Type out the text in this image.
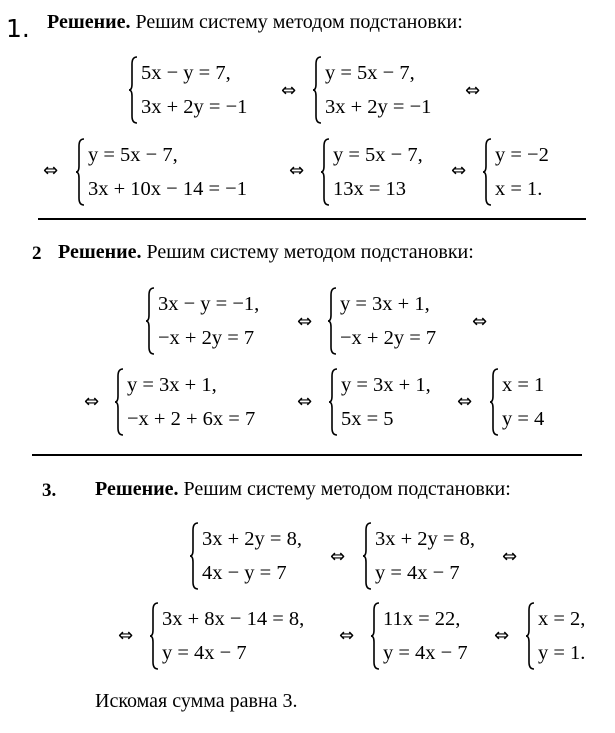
1. Решение. Решим систему методом подстановки:
5x − y = 7,
3x + 2y = −1
⇔
y = 5x − 7,
3x + 2y = −1
⇔
⇔
y = 5x − 7,
3x + 10x − 14 = −1
⇔
y = 5x − 7,
13x = 13
⇔
y = −2
x = 1.
2 Решение. Решим систему методом подстановки:
3x − y = −1,
−x + 2y = 7
⇔
y = 3x + 1,
−x + 2y = 7
⇔
⇔
y = 3x + 1,
−x + 2 + 6x = 7
⇔
y = 3x + 1,
5x = 5
⇔
x = 1
y = 4
3. Решение. Решим систему методом подстановки:
3x + 2y = 8,
4x − y = 7
⇔
3x + 2y = 8,
y = 4x − 7
⇔
⇔
3x + 8x − 14 = 8,
y = 4x − 7
⇔
11x = 22,
y = 4x − 7
⇔
x = 2,
y = 1.
Искомая сумма равна 3.
